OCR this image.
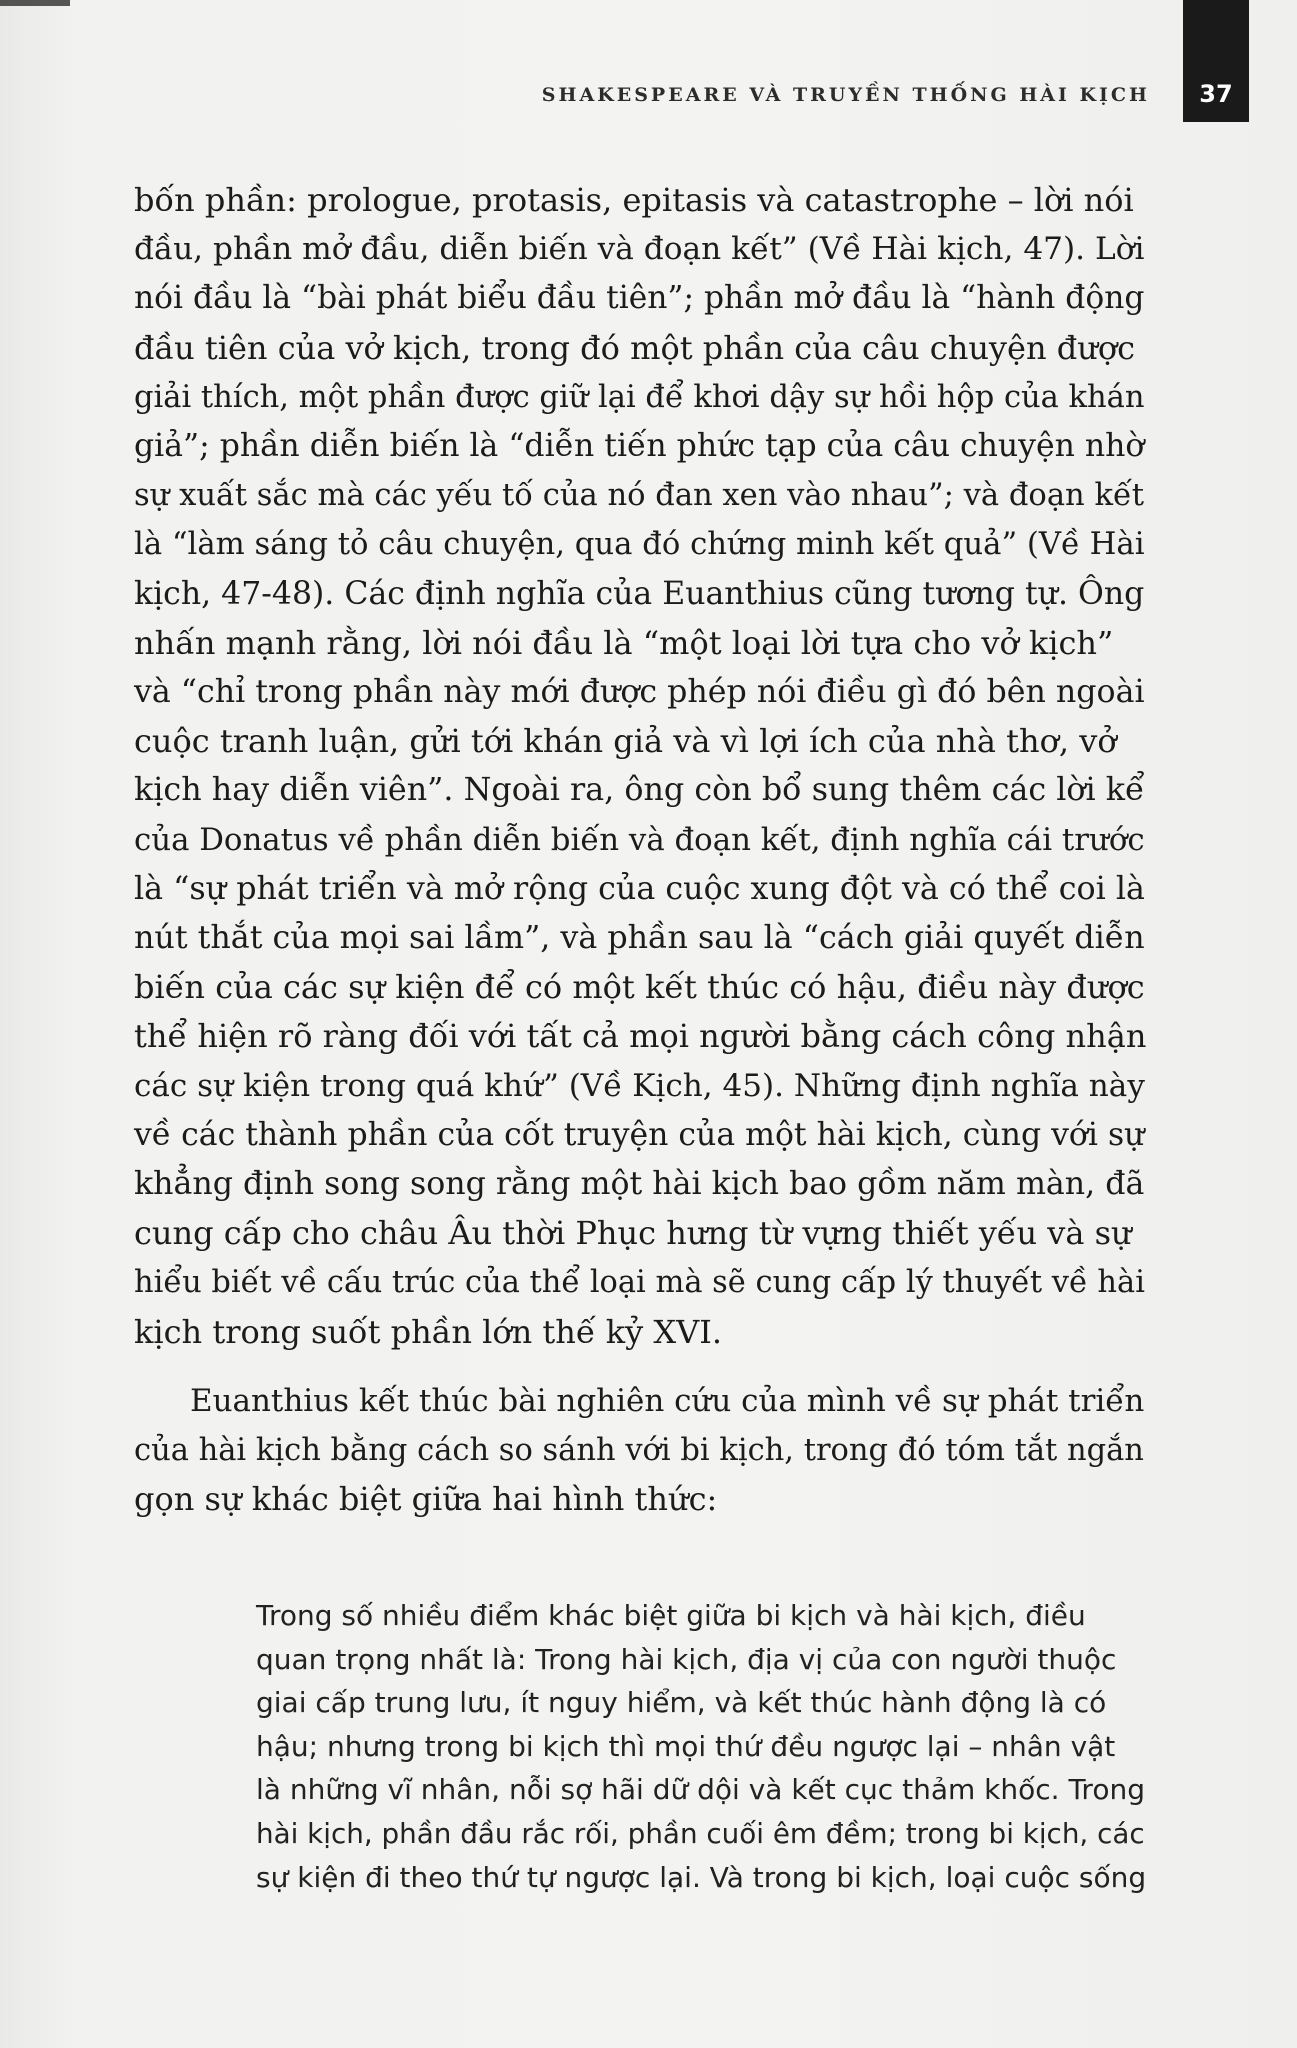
SHAKESPEARE VÀ TRUYỀN THỐNG HÀI KỊCH	37

bốn phần: prologue, protasis, epitasis và catastrophe – lời nói
đầu, phần mở đầu, diễn biến và đoạn kết” (Về Hài kịch, 47). Lời
nói đầu là “bài phát biểu đầu tiên”; phần mở đầu là “hành động
đầu tiên của vở kịch, trong đó một phần của câu chuyện được
giải thích, một phần được giữ lại để khơi dậy sự hồi hộp của khán
giả”; phần diễn biến là “diễn tiến phức tạp của câu chuyện nhờ
sự xuất sắc mà các yếu tố của nó đan xen vào nhau”; và đoạn kết
là “làm sáng tỏ câu chuyện, qua đó chứng minh kết quả” (Về Hài
kịch, 47-48). Các định nghĩa của Euanthius cũng tương tự. Ông
nhấn mạnh rằng, lời nói đầu là “một loại lời tựa cho vở kịch”
và “chỉ trong phần này mới được phép nói điều gì đó bên ngoài
cuộc tranh luận, gửi tới khán giả và vì lợi ích của nhà thơ, vở
kịch hay diễn viên”. Ngoài ra, ông còn bổ sung thêm các lời kể
của Donatus về phần diễn biến và đoạn kết, định nghĩa cái trước
là “sự phát triển và mở rộng của cuộc xung đột và có thể coi là
nút thắt của mọi sai lầm”, và phần sau là “cách giải quyết diễn
biến của các sự kiện để có một kết thúc có hậu, điều này được
thể hiện rõ ràng đối với tất cả mọi người bằng cách công nhận
các sự kiện trong quá khứ” (Về Kịch, 45). Những định nghĩa này
về các thành phần của cốt truyện của một hài kịch, cùng với sự
khẳng định song song rằng một hài kịch bao gồm năm màn, đã
cung cấp cho châu Âu thời Phục hưng từ vựng thiết yếu và sự
hiểu biết về cấu trúc của thể loại mà sẽ cung cấp lý thuyết về hài
kịch trong suốt phần lớn thế kỷ XVI.

Euanthius kết thúc bài nghiên cứu của mình về sự phát triển
của hài kịch bằng cách so sánh với bi kịch, trong đó tóm tắt ngắn
gọn sự khác biệt giữa hai hình thức:

Trong số nhiều điểm khác biệt giữa bi kịch và hài kịch, điều
quan trọng nhất là: Trong hài kịch, địa vị của con người thuộc
giai cấp trung lưu, ít nguy hiểm, và kết thúc hành động là có
hậu; nhưng trong bi kịch thì mọi thứ đều ngược lại – nhân vật
là những vĩ nhân, nỗi sợ hãi dữ dội và kết cục thảm khốc. Trong
hài kịch, phần đầu rắc rối, phần cuối êm đềm; trong bi kịch, các
sự kiện đi theo thứ tự ngược lại. Và trong bi kịch, loại cuộc sống
